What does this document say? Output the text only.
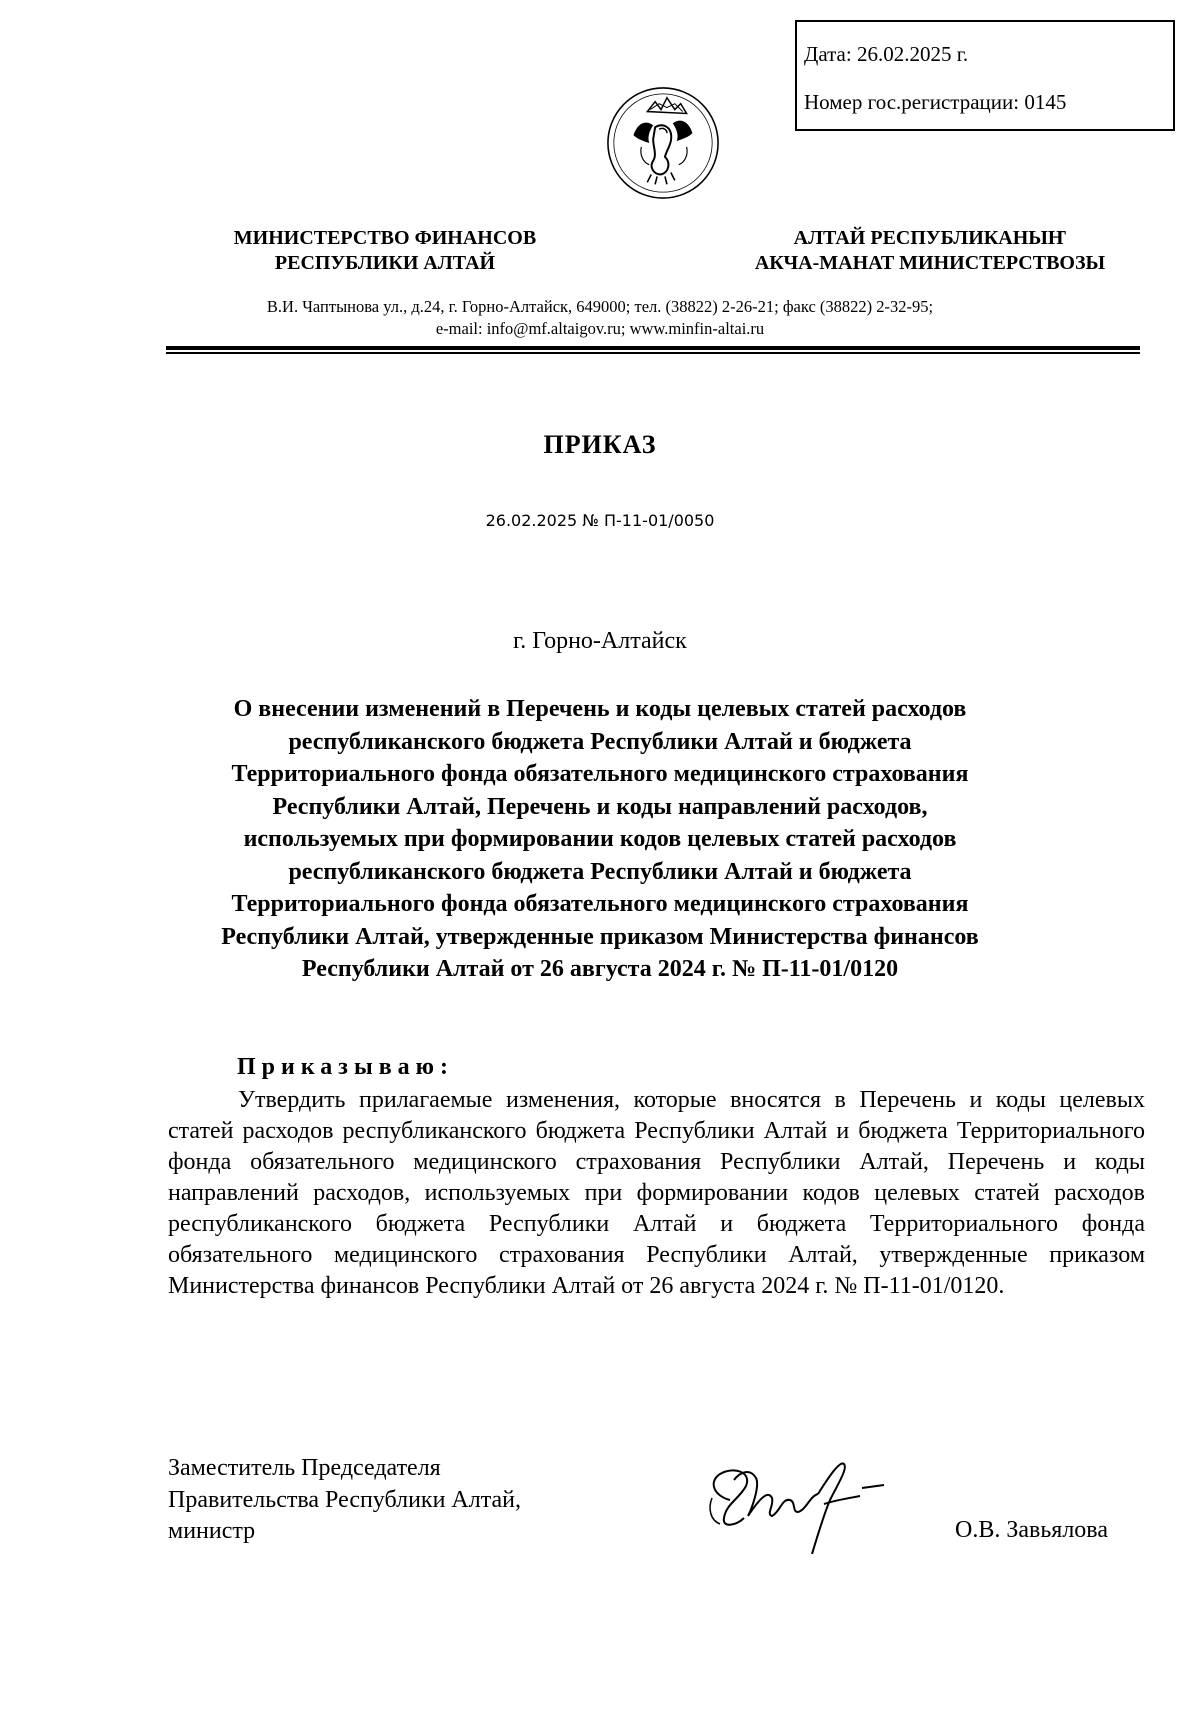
Дата: 26.02.2025 г.
Номер гос.регистрации: 0145
МИНИСТЕРСТВО ФИНАНСОВ
РЕСПУБЛИКИ АЛТАЙ
АЛТАЙ РЕСПУБЛИКАНЫҤ
АКЧА-МАНАТ МИНИСТЕРСТВОЗЫ
В.И. Чаптынова ул., д.24, г. Горно-Алтайск, 649000; тел. (38822) 2-26-21; факс (38822) 2-32-95;
e-mail: info@mf.altaigov.ru; www.minfin-altai.ru
ПРИКАЗ
26.02.2025 № П-11-01/0050
г. Горно-Алтайск
О внесении изменений в Перечень и коды целевых статей расходов
республиканского бюджета Республики Алтай и бюджета
Территориального фонда обязательного медицинского страхования
Республики Алтай, Перечень и коды направлений расходов,
используемых при формировании кодов целевых статей расходов
республиканского бюджета Республики Алтай и бюджета
Территориального фонда обязательного медицинского страхования
Республики Алтай, утвержденные приказом Министерства финансов
Республики Алтай от 26 августа 2024 г. № П-11-01/0120
Приказываю:
Утвердить прилагаемые изменения, которые вносятся в Перечень и коды целевых статей расходов республиканского бюджета Республики Алтай и бюджета Территориального фонда обязательного медицинского страхования Республики Алтай, Перечень и коды направлений расходов, используемых при формировании кодов целевых статей расходов республиканского бюджета Республики Алтай и бюджета Территориального фонда обязательного медицинского страхования Республики Алтай, утвержденные приказом Министерства финансов Республики Алтай от 26 августа 2024 г. № П-11-01/0120.
Заместитель Председателя
Правительства Республики Алтай,
министр	О.В. Завьялова
